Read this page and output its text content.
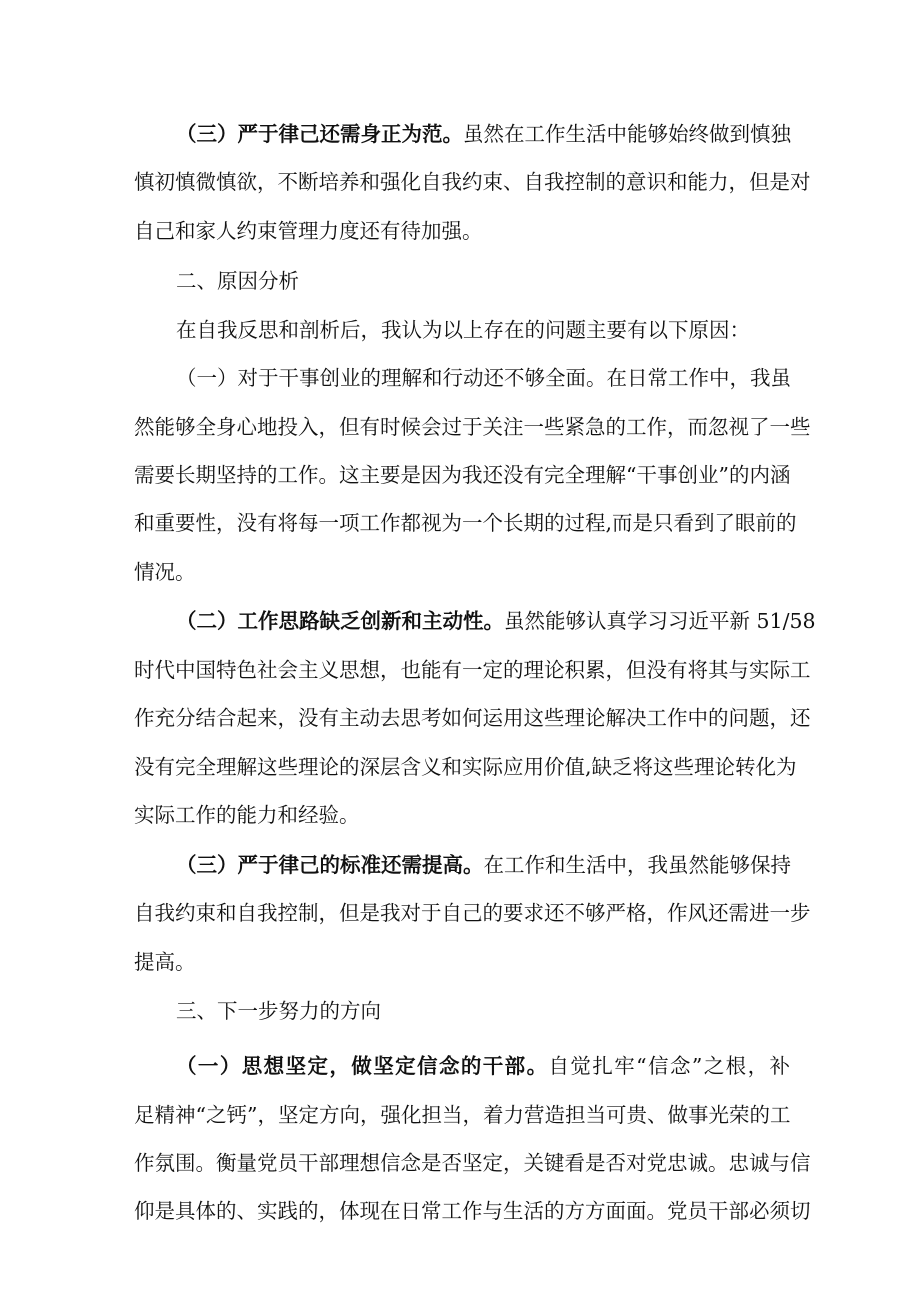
（三）严于律己还需身正为范。虽然在工作生活中能够始终做到慎独
慎初慎微慎欲，不断培养和强化自我约束、自我控制的意识和能力，但是对
自己和家人约束管理力度还有待加强。
二、原因分析
在自我反思和剖析后，我认为以上存在的问题主要有以下原因：
（一）对于干事创业的理解和行动还不够全面。在日常工作中，我虽
然能够全身心地投入，但有时候会过于关注一些紧急的工作，而忽视了一些
需要长期坚持的工作。这主要是因为我还没有完全理解“干事创业”的内涵
和重要性，没有将每一项工作都视为一个长期的过程,而是只看到了眼前的
情况。
（二）工作思路缺乏创新和主动性。虽然能够认真学习习近平新 51/58
时代中国特色社会主义思想，也能有一定的理论积累，但没有将其与实际工
作充分结合起来，没有主动去思考如何运用这些理论解决工作中的问题，还
没有完全理解这些理论的深层含义和实际应用价值,缺乏将这些理论转化为
实际工作的能力和经验。
（三）严于律己的标准还需提高。在工作和生活中，我虽然能够保持
自我约束和自我控制，但是我对于自己的要求还不够严格，作风还需进一步
提高。
三、下一步努力的方向
（一）思想坚定，做坚定信念的干部。自觉扎牢“信念”之根，补
足精神“之钙”，坚定方向，强化担当，着力营造担当可贵、做事光荣的工
作氛围。衡量党员干部理想信念是否坚定，关键看是否对党忠诚。忠诚与信
仰是具体的、实践的，体现在日常工作与生活的方方面面。党员干部必须切
